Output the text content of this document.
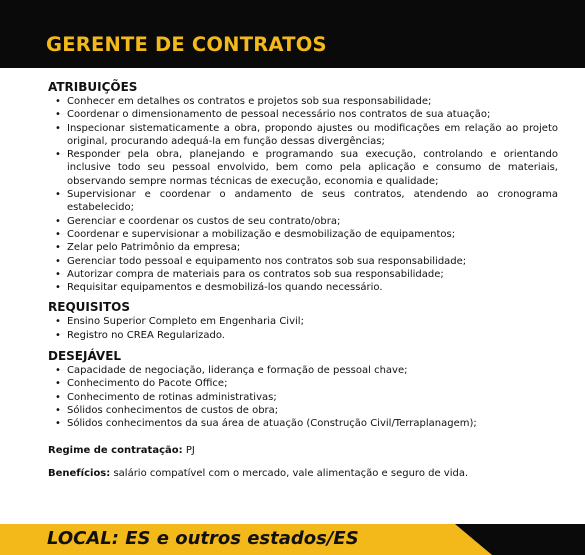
GERENTE DE CONTRATOS
ATRIBUIÇÕES
• Conhecer em detalhes os contratos e projetos sob sua responsabilidade;
• Coordenar o dimensionamento de pessoal necessário nos contratos de sua atuação;
• Inspecionar sistematicamente a obra, propondo ajustes ou modificações em relação ao projeto original, procurando adequá-la em função dessas divergências;
• Responder pela obra, planejando e programando sua execução, controlando e orientando inclusive todo seu pessoal envolvido, bem como pela aplicação e consumo de materiais, observando sempre normas técnicas de execução, economia e qualidade;
• Supervisionar e coordenar o andamento de seus contratos, atendendo ao cronograma estabelecido;
• Gerenciar e coordenar os custos de seu contrato/obra;
• Coordenar e supervisionar a mobilização e desmobilização de equipamentos;
• Zelar pelo Patrimônio da empresa;
• Gerenciar todo pessoal e equipamento nos contratos sob sua responsabilidade;
• Autorizar compra de materiais para os contratos sob sua responsabilidade;
• Requisitar equipamentos e desmobilizá-los quando necessário.
REQUISITOS
• Ensino Superior Completo em Engenharia Civil;
• Registro no CREA Regularizado.
DESEJÁVEL
• Capacidade de negociação, liderança e formação de pessoal chave;
• Conhecimento do Pacote Office;
• Conhecimento de rotinas administrativas;
• Sólidos conhecimentos de custos de obra;
• Sólidos conhecimentos da sua área de atuação (Construção Civil/Terraplanagem);
Regime de contratação: PJ
Benefícios: salário compatível com o mercado, vale alimentação e seguro de vida.
LOCAL: ES e outros estados/ES
